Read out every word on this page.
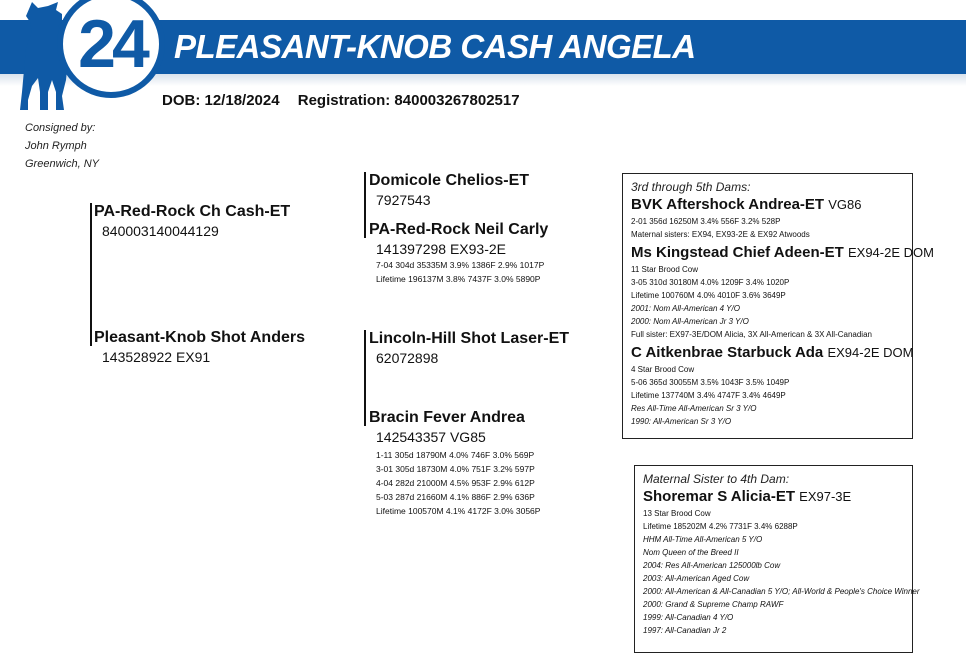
24 PLEASANT-KNOB CASH ANGELA
DOB: 12/18/2024 Registration: 840003267802517
Consigned by:
John Rymph
Greenwich, NY
PA-Red-Rock Ch Cash-ET
840003140044129
Pleasant-Knob Shot Anders
143528922 EX91
Domicole Chelios-ET
7927543
PA-Red-Rock Neil Carly
141397298 EX93-2E
7-04 304d 35335M 3.9% 1386F 2.9% 1017P
Lifetime 196137M 3.8% 7437F 3.0% 5890P
Lincoln-Hill Shot Laser-ET
62072898
Bracin Fever Andrea
142543357 VG85
1-11 305d 18790M 4.0% 746F 3.0% 569P
3-01 305d 18730M 4.0% 751F 3.2% 597P
4-04 282d 21000M 4.5% 953F 2.9% 612P
5-03 287d 21660M 4.1% 886F 2.9% 636P
Lifetime 100570M 4.1% 4172F 3.0% 3056P
3rd through 5th Dams:
BVK Aftershock Andrea-ET VG86
2-01 356d 16250M 3.4% 556F 3.2% 528P
Maternal sisters: EX94, EX93-2E & EX92 Atwoods
Ms Kingstead Chief Adeen-ET EX94-2E DOM
11 Star Brood Cow
3-05 310d 30180M 4.0% 1209F 3.4% 1020P
Lifetime 100760M 4.0% 4010F 3.6% 3649P
2001: Nom All-American 4 Y/O
2000: Nom All-American Jr 3 Y/O
Full sister: EX97-3E/DOM Alicia, 3X All-American & 3X All-Canadian
C Aitkenbrae Starbuck Ada EX94-2E DOM
4 Star Brood Cow
5-06 365d 30055M 3.5% 1043F 3.5% 1049P
Lifetime 137740M 3.4% 4747F 3.4% 4649P
Res All-Time All-American Sr 3 Y/O
1990: All-American Sr 3 Y/O
Maternal Sister to 4th Dam:
Shoremar S Alicia-ET EX97-3E
13 Star Brood Cow
Lifetime 185202M 4.2% 7731F 3.4% 6288P
HHM All-Time All-American 5 Y/O
Nom Queen of the Breed II
2004: Res All-American 125000lb Cow
2003: All-American Aged Cow
2000: All-American & All-Canadian 5 Y/O; All-World & People's Choice Winner
2000: Grand & Supreme Champ RAWF
1999: All-Canadian 4 Y/O
1997: All-Canadian Jr 2
